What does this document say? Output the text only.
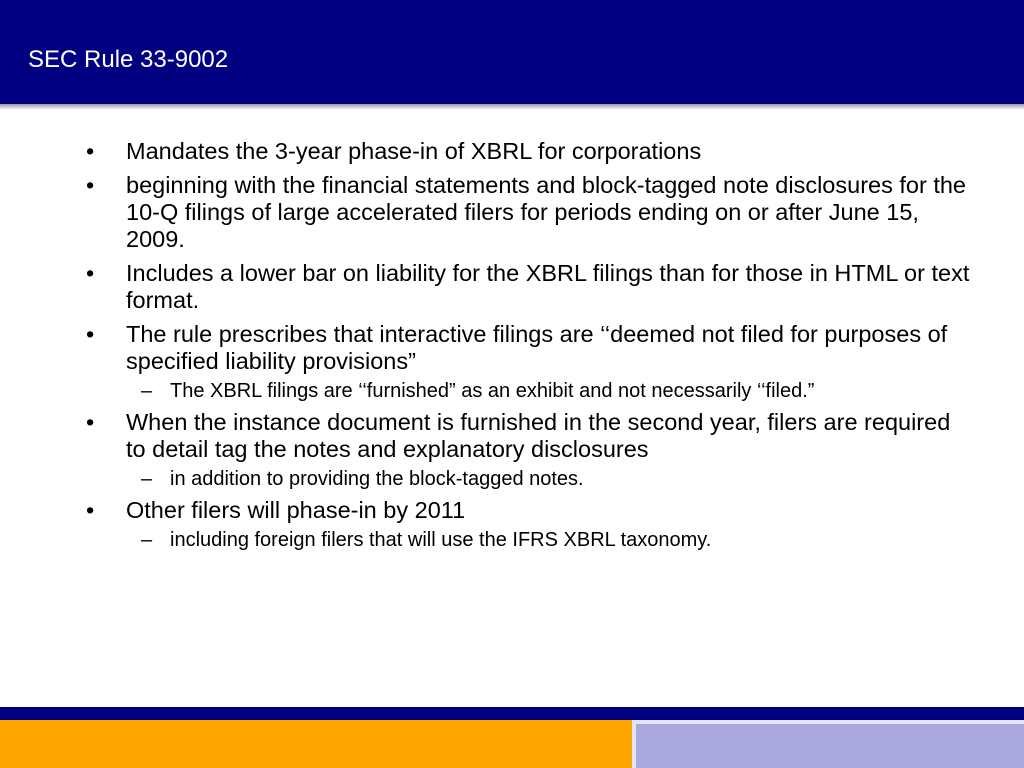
SEC Rule 33-9002
• Mandates the 3-year phase-in of XBRL for corporations
• beginning with the financial statements and block-tagged note disclosures for the 10-Q filings of large accelerated filers for periods ending on or after June 15, 2009.
• Includes a lower bar on liability for the XBRL filings than for those in HTML or text format.
• The rule prescribes that interactive filings are ‘‘deemed not filed for purposes of specified liability provisions”
– The XBRL filings are ‘‘furnished” as an exhibit and not necessarily ‘‘filed.”
• When the instance document is furnished in the second year, filers are required to detail tag the notes and explanatory disclosures
– in addition to providing the block-tagged notes.
• Other filers will phase-in by 2011
– including foreign filers that will use the IFRS XBRL taxonomy.
